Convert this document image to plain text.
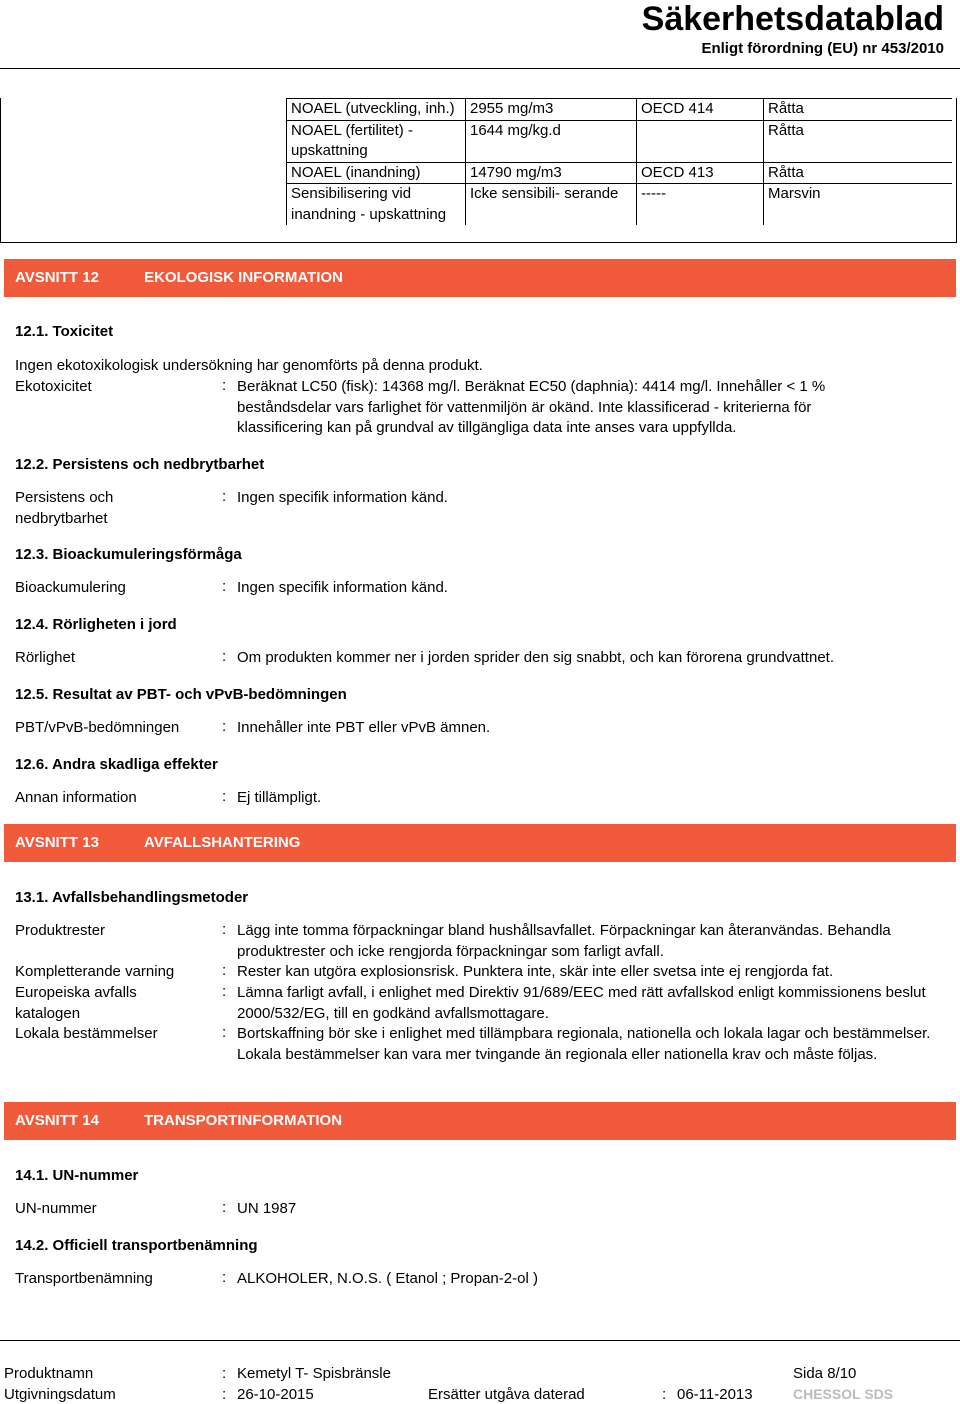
Säkerhetsdatablad
Enligt förordning (EU) nr 453/2010
NOAEL (utveckling, inh.)	2955 mg/m3	OECD 414	Råtta
NOAEL (fertilitet) - upskattning	1644 mg/kg.d		Råtta
NOAEL (inandning)	14790 mg/m3	OECD 413	Råtta
Sensibilisering vid inandning - upskattning	Icke sensibili- serande	-----	Marsvin
AVSNITT 12	EKOLOGISK INFORMATION
12.1. Toxicitet
Ingen ekotoxikologisk undersökning har genomförts på denna produkt.
Ekotoxicitet	: Beräknat LC50 (fisk): 14368 mg/l. Beräknat EC50 (daphnia): 4414 mg/l. Innehåller < 1 % beståndsdelar vars farlighet för vattenmiljön är okänd. Inte klassificerad - kriterierna för klassificering kan på grundval av tillgängliga data inte anses vara uppfyllda.
12.2. Persistens och nedbrytbarhet
Persistens och nedbrytbarhet
: Ingen specifik information känd.
12.3. Bioackumuleringsförmåga
Bioackumulering	: Ingen specifik information känd.
12.4. Rörligheten i jord
Rörlighet	: Om produkten kommer ner i jorden sprider den sig snabbt, och kan förorena grundvattnet.
12.5. Resultat av PBT- och vPvB-bedömningen
PBT/vPvB-bedömningen	: Innehåller inte PBT eller vPvB ämnen.
12.6. Andra skadliga effekter
Annan information	: Ej tillämpligt.
AVSNITT 13	AVFALLSHANTERING
13.1. Avfallsbehandlingsmetoder
Produktrester	: Lägg inte tomma förpackningar bland hushållsavfallet. Förpackningar kan återanvändas. Behandla produktrester och icke rengjorda förpackningar som farligt avfall.
Kompletterande varning	: Rester kan utgöra explosionsrisk. Punktera inte, skär inte eller svetsa inte ej rengjorda fat.
Europeiska avfalls katalogen
: Lämna farligt avfall, i enlighet med Direktiv 91/689/EEC med rätt avfallskod enligt kommissionens beslut 2000/532/EG, till en godkänd avfallsmottagare.
Lokala bestämmelser	: Bortskaffning bör ske i enlighet med tillämpbara regionala, nationella och lokala lagar och bestämmelser. Lokala bestämmelser kan vara mer tvingande än regionala eller nationella krav och måste följas.
AVSNITT 14	TRANSPORTINFORMATION
14.1. UN-nummer
UN-nummer	: UN 1987
14.2. Officiell transportbenämning
Transportbenämning	: ALKOHOLER, N.O.S. ( Etanol ; Propan-2-ol )
Produktnamn	: Kemetyl T- Spisbränsle	Sida 8/10
Utgivningsdatum	: 26-10-2015	Ersätter utgåva daterad	: 06-11-2013	CHESSOL SDS
